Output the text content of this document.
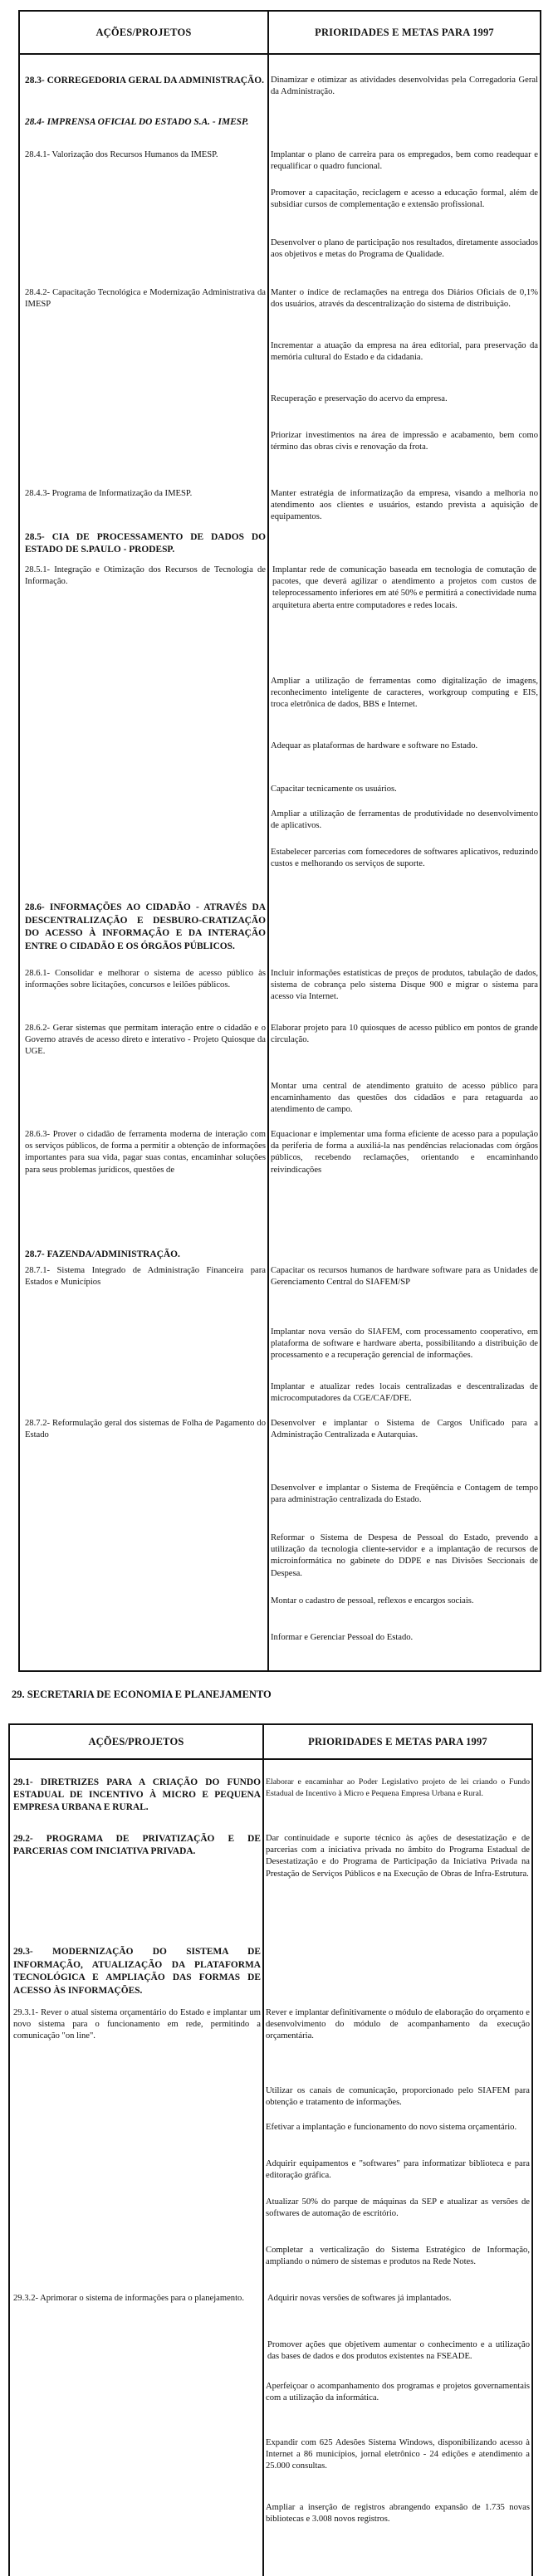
AÇÕES/PROJETOS	PRIORIDADES E METAS PARA 1997
28.3- CORREGEDORIA GERAL DA ADMINISTRAÇÃO.
28.4- IMPRENSA OFICIAL DO ESTADO S.A. - IMESP.
28.4.1- Valorização dos Recursos Humanos da IMESP.
28.4.2- Capacitação Tecnológica e Modernização Administrativa da IMESP
28.4.3- Programa de Informatização da IMESP.
28.5- CIA DE PROCESSAMENTO DE DADOS DO ESTADO DE S.PAULO - PRODESP.
28.5.1- Integração e Otimização dos Recursos de Tecnologia de Informação.
28.6- INFORMAÇÕES AO CIDADÃO - ATRAVÉS DA DESCENTRALIZAÇÃO E DESBURO-CRATIZAÇÃO DO ACESSO À INFORMAÇÃO E DA INTERAÇÃO ENTRE O CIDADÃO E OS ÓRGÃOS PÚBLICOS.
28.6.1- Consolidar e melhorar o sistema de acesso público às informações sobre licitações, concursos e leilões públicos.
28.6.2- Gerar sistemas que permitam interação entre o cidadão e o Governo através de acesso direto e interativo - Projeto Quiosque da UGE.
28.6.3- Prover o cidadão de ferramenta moderna de interação com os serviços públicos, de forma a permitir a obtenção de informações importantes para sua vida, pagar suas contas, encaminhar soluções para seus problemas jurídicos, questões de
28.7- FAZENDA/ADMINISTRAÇÃO.
28.7.1- Sistema Integrado de Administração Financeira para Estados e Municípios
28.7.2- Reformulação geral dos sistemas de Folha de Pagamento do Estado
Dinamizar e otimizar as atividades desenvolvidas pela Corregadoria Geral da Administração.
Implantar o plano de carreira para os empregados, bem como readequar e requalificar o quadro funcional.
Promover a capacitação, reciclagem e acesso a educação formal, além de subsidiar cursos de complementação e extensão profissional.
Desenvolver o plano de participação nos resultados, diretamente associados aos objetivos e metas do Programa de Qualidade.
Manter o índice de reclamações na entrega dos Diários Oficiais de 0,1% dos usuários, através da descentralização do sistema de distribuição.
Incrementar a atuação da empresa na área editorial, para preservação da memória cultural do Estado e da cidadania.
Recuperação e preservação do acervo da empresa.
Priorizar investimentos na área de impressão e acabamento, bem como término das obras civis e renovação da frota.
Manter estratégia de informatização da empresa, visando a melhoria no atendimento aos clientes e usuários, estando prevista a aquisição de equipamentos.
Implantar rede de comunicação baseada em tecnologia de comutação de pacotes, que deverá agilizar o atendimento a projetos com custos de teleprocessamento inferiores em até 50% e permitirá a conectividade numa arquitetura aberta entre computadores e redes locais.
Ampliar a utilização de ferramentas como digitalização de imagens, reconhecimento inteligente de caracteres, workgroup computing e EIS, troca eletrônica de dados, BBS e Internet.
Adequar as plataformas de hardware e software no Estado.
Capacitar tecnicamente os usuários.
Ampliar a utilização de ferramentas de produtividade no desenvolvimento de aplicativos.
Estabelecer parcerias com fornecedores de softwares aplicativos, reduzindo custos e melhorando os serviços de suporte.
Incluir informações estatísticas de preços de produtos, tabulação de dados, sistema de cobrança pelo sistema Disque 900 e migrar o sistema para acesso via Internet.
Elaborar projeto para 10 quiosques de acesso público em pontos de grande circulação.
Montar uma central de atendimento gratuito de acesso público para encaminhamento das questões dos cidadãos e para retaguarda ao atendimento de campo.
Equacionar e implementar uma forma eficiente de acesso para a população da periferia de forma a auxiliá-la nas pendências relacionadas com órgãos públicos, recebendo reclamações, orientando e encaminhando reivindicações
Capacitar os recursos humanos de hardware software para as Unidades de Gerenciamento Central do SIAFEM/SP
Implantar nova versão do SIAFEM, com processamento cooperativo, em plataforma de software e hardware aberta, possibilitando a distribuição de processamento e a recuperação gerencial de informações.
Implantar e atualizar redes locais centralizadas e descentralizadas de microcomputadores da CGE/CAF/DFE.
Desenvolver e implantar o Sistema de Cargos Unificado para a Administração Centralizada e Autarquias.
Desenvolver e implantar o Sistema de Freqüência e Contagem de tempo para administração centralizada do Estado.
Reformar o Sistema de Despesa de Pessoal do Estado, prevendo a utilização da tecnologia cliente-servidor e a implantação de recursos de microinformática no gabinete do DDPE e nas Divisões Seccionais de Despesa.
Montar o cadastro de pessoal, reflexos e encargos sociais.
Informar e Gerenciar Pessoal do Estado.
29. SECRETARIA DE ECONOMIA E PLANEJAMENTO
AÇÕES/PROJETOS	PRIORIDADES E METAS PARA 1997
29.1- DIRETRIZES PARA A CRIAÇÃO DO FUNDO ESTADUAL DE INCENTIVO À MICRO E PEQUENA EMPRESA URBANA E RURAL.
29.2- PROGRAMA DE PRIVATIZAÇÃO E DE PARCERIAS COM INICIATIVA PRIVADA.
29.3- MODERNIZAÇÃO DO SISTEMA DE INFORMAÇÃO, ATUALIZAÇÃO DA PLATAFORMA TECNOLÓGICA E AMPLIAÇÃO DAS FORMAS DE ACESSO ÀS INFORMAÇÕES.
29.3.1- Rever o atual sistema orçamentário do Estado e implantar um novo sistema para o funcionamento em rede, permitindo a comunicação "on line".
29.3.2- Aprimorar o sistema de informações para o planejamento.
Elaborar e encaminhar ao Poder Legislativo projeto de lei criando o Fundo Estadual de Incentivo à Micro e Pequena Empresa Urbana e Rural.
Dar continuidade e suporte técnico às ações de desestatização e de parcerias com a iniciativa privada no âmbito do Programa Estadual de Desestatização e do Programa de Participação da Iniciativa Privada na Prestação de Serviços Públicos e na Execução de Obras de Infra-Estrutura.
Rever e implantar definitivamente o módulo de elaboração do orçamento e desenvolvimento do módulo de acompanhamento da execução orçamentária.
Utilizar os canais de comunicação, proporcionado pelo SIAFEM para obtenção e tratamento de informações.
Efetivar a implantação e funcionamento do novo sistema orçamentário.
Adquirir equipamentos e "softwares" para informatizar biblioteca e para editoração gráfica.
Atualizar 50% do parque de máquinas da SEP e atualizar as versões de softwares de automação de escritório.
Completar a verticalização do Sistema Estratégico de Informação, ampliando o número de sistemas e produtos na Rede Notes.
Adquirir novas versões de softwares já implantados.
Promover ações que objetivem aumentar o conhecimento e a utilização das bases de dados e dos produtos existentes na FSEADE.
Aperfeiçoar o acompanhamento dos programas e projetos governamentais com a utilização da informática.
Expandir com 625 Adesões Sistema Windows, disponibilizando acesso à Internet a 86 municípios, jornal eletrônico - 24 edições e atendimento a 25.000 consultas.
Ampliar a inserção de registros abrangendo expansão de 1.735 novas bibliotecas e 3.008 novos registros.
